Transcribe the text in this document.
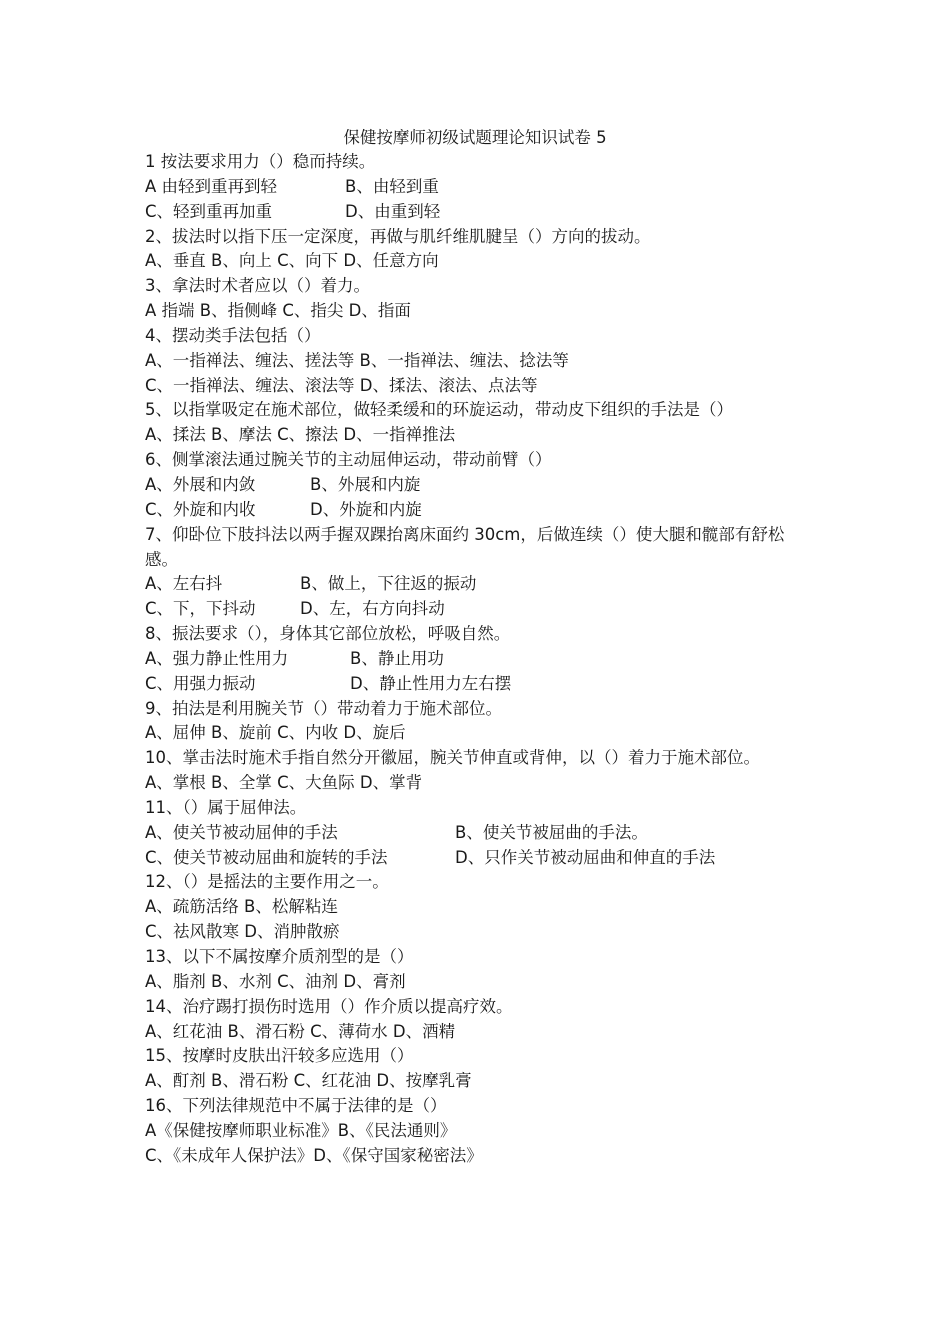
保健按摩师初级试题理论知识试卷 5
1 按法要求用力（）稳而持续。
A 由轻到重再到轻	B、由轻到重
C、轻到重再加重	D、由重到轻
2、拔法时以指下压一定深度，再做与肌纤维肌腱呈（）方向的拔动。
A、垂直 B、向上 C、向下 D、任意方向
3、拿法时术者应以（）着力。
A 指端 B、指侧峰 C、指尖 D、指面
4、摆动类手法包括（）
A、一指禅法、缠法、搓法等 B、一指禅法、缠法、捻法等
C、一指禅法、缠法、滚法等 D、揉法、滚法、点法等
5、以指掌吸定在施术部位，做轻柔缓和的环旋运动，带动皮下组织的手法是（）
A、揉法 B、摩法 C、擦法 D、一指禅推法
6、侧掌滚法通过腕关节的主动屈伸运动，带动前臂（）
A、外展和内敛	B、外展和内旋
C、外旋和内收	D、外旋和内旋
7、仰卧位下肢抖法以两手握双踝抬离床面约 30cm，后做连续（）使大腿和髋部有舒松感。
A、左右抖	B、做上，下往返的振动
C、下，下抖动	D、左，右方向抖动
8、振法要求（），身体其它部位放松，呼吸自然。
A、强力静止性用力	B、静止用功
C、用强力振动	D、静止性用力左右摆
9、拍法是利用腕关节（）带动着力于施术部位。
A、屈伸 B、旋前 C、内收 D、旋后
10、掌击法时施术手指自然分开徽屈，腕关节伸直或背伸，以（）着力于施术部位。
A、掌根 B、全掌 C、大鱼际 D、掌背
11、（）属于屈伸法。
A、使关节被动屈伸的手法	B、使关节被屈曲的手法。
C、使关节被动屈曲和旋转的手法	D、只作关节被动屈曲和伸直的手法
12、（）是摇法的主要作用之一。
A、疏筋活络 B、松解粘连
C、祛风散寒 D、消肿散瘀
13、以下不属按摩介质剂型的是（）
A、脂剂 B、水剂 C、油剂 D、膏剂
14、治疗踢打损伤时选用（）作介质以提高疗效。
A、红花油 B、滑石粉 C、薄荷水 D、酒精
15、按摩时皮肤出汗较多应选用（）
A、酊剂 B、滑石粉 C、红花油 D、按摩乳膏
16、下列法律规范中不属于法律的是（）
A《保健按摩师职业标准》B、《民法通则》
C、《未成年人保护法》D、《保守国家秘密法》
